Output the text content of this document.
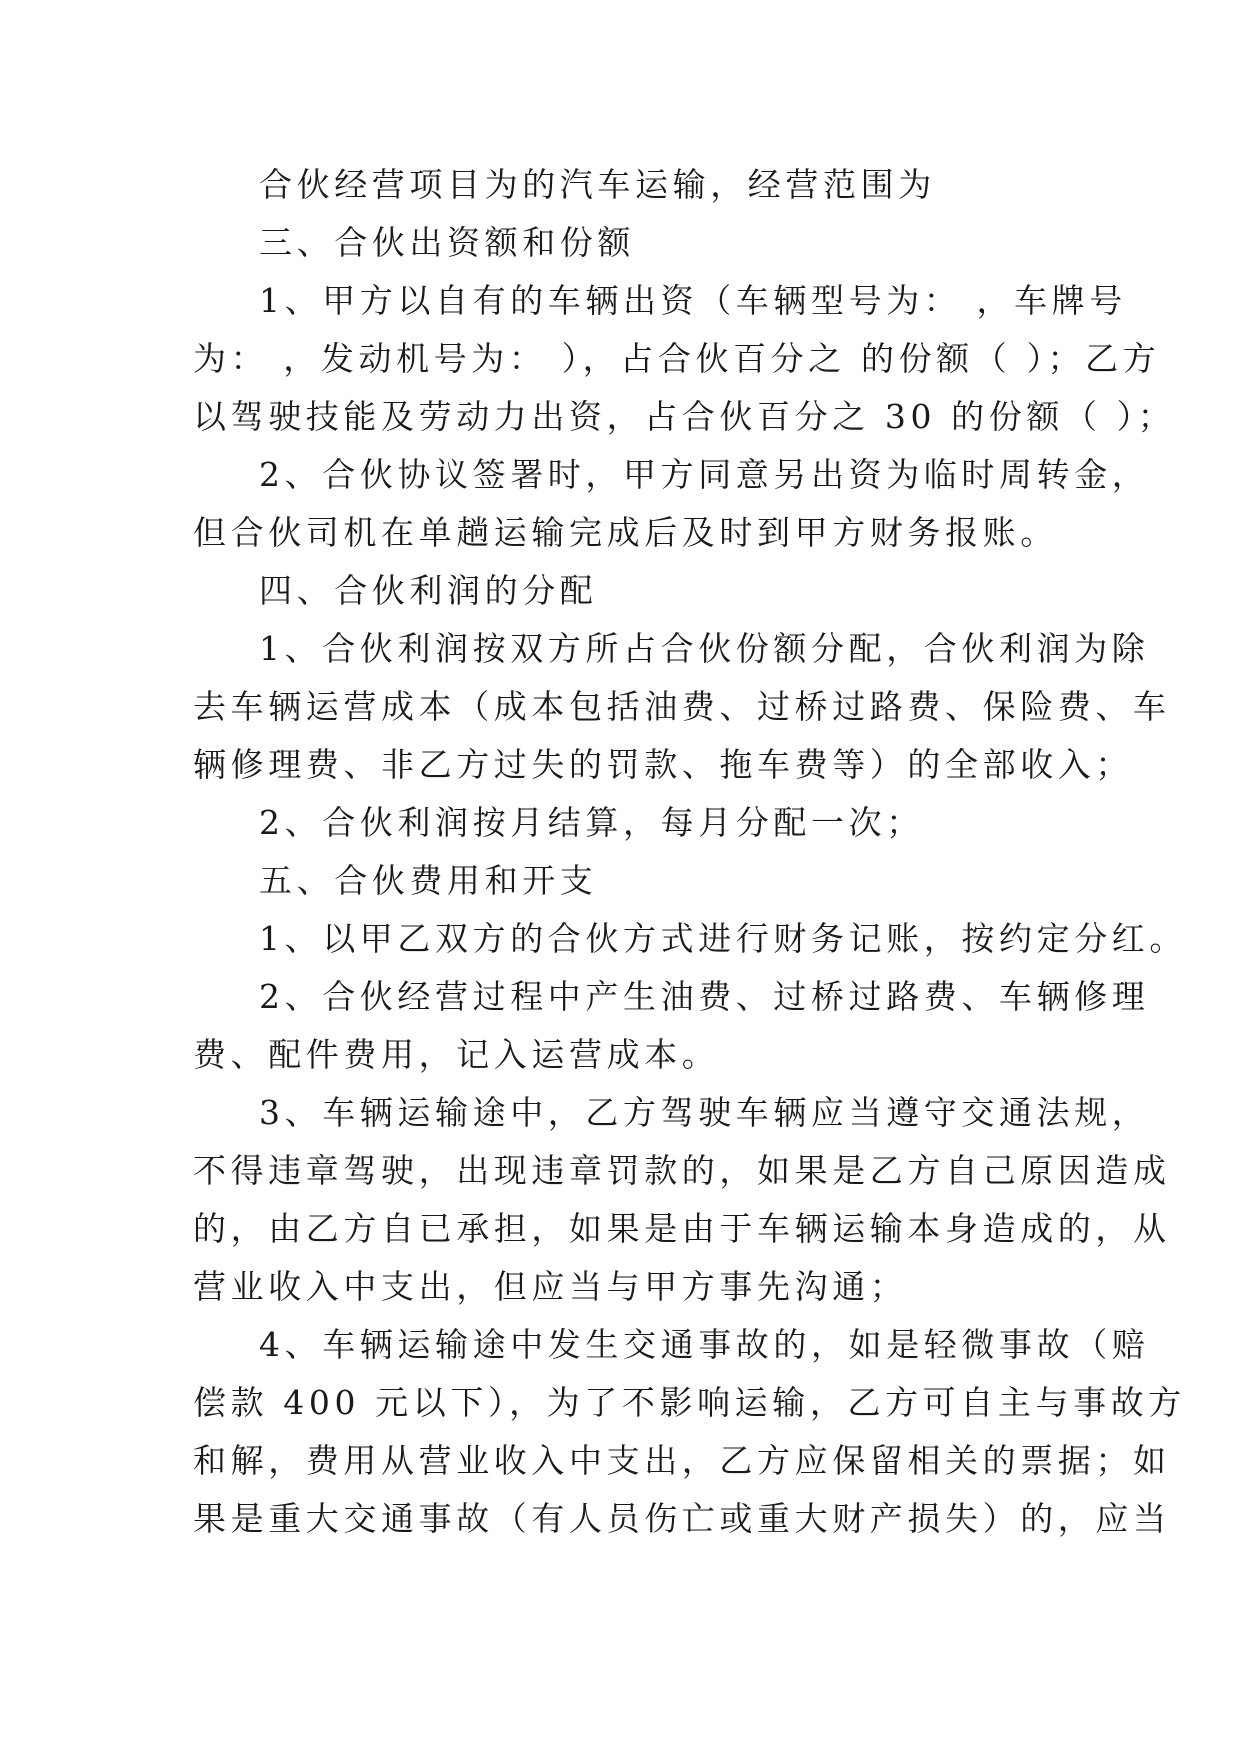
合伙经营项目为的汽车运输，经营范围为
三、合伙出资额和份额
1、甲方以自有的车辆出资（车辆型号为： ，车牌号
为： ，发动机号为： ），占合伙百分之 的份额（ ）；乙方
以驾驶技能及劳动力出资，占合伙百分之 30 的份额（ ）；
2、合伙协议签署时，甲方同意另出资为临时周转金，
但合伙司机在单趟运输完成后及时到甲方财务报账。
四、合伙利润的分配
1、合伙利润按双方所占合伙份额分配，合伙利润为除
去车辆运营成本（成本包括油费、过桥过路费、保险费、车
辆修理费、非乙方过失的罚款、拖车费等）的全部收入；
2、合伙利润按月结算，每月分配一次；
五、合伙费用和开支
1、以甲乙双方的合伙方式进行财务记账，按约定分红。
2、合伙经营过程中产生油费、过桥过路费、车辆修理
费、配件费用，记入运营成本。
3、车辆运输途中，乙方驾驶车辆应当遵守交通法规，
不得违章驾驶，出现违章罚款的，如果是乙方自己原因造成
的，由乙方自已承担，如果是由于车辆运输本身造成的，从
营业收入中支出，但应当与甲方事先沟通；
4、车辆运输途中发生交通事故的，如是轻微事故（赔
偿款 400 元以下），为了不影响运输，乙方可自主与事故方
和解，费用从营业收入中支出，乙方应保留相关的票据；如
果是重大交通事故（有人员伤亡或重大财产损失）的，应当
